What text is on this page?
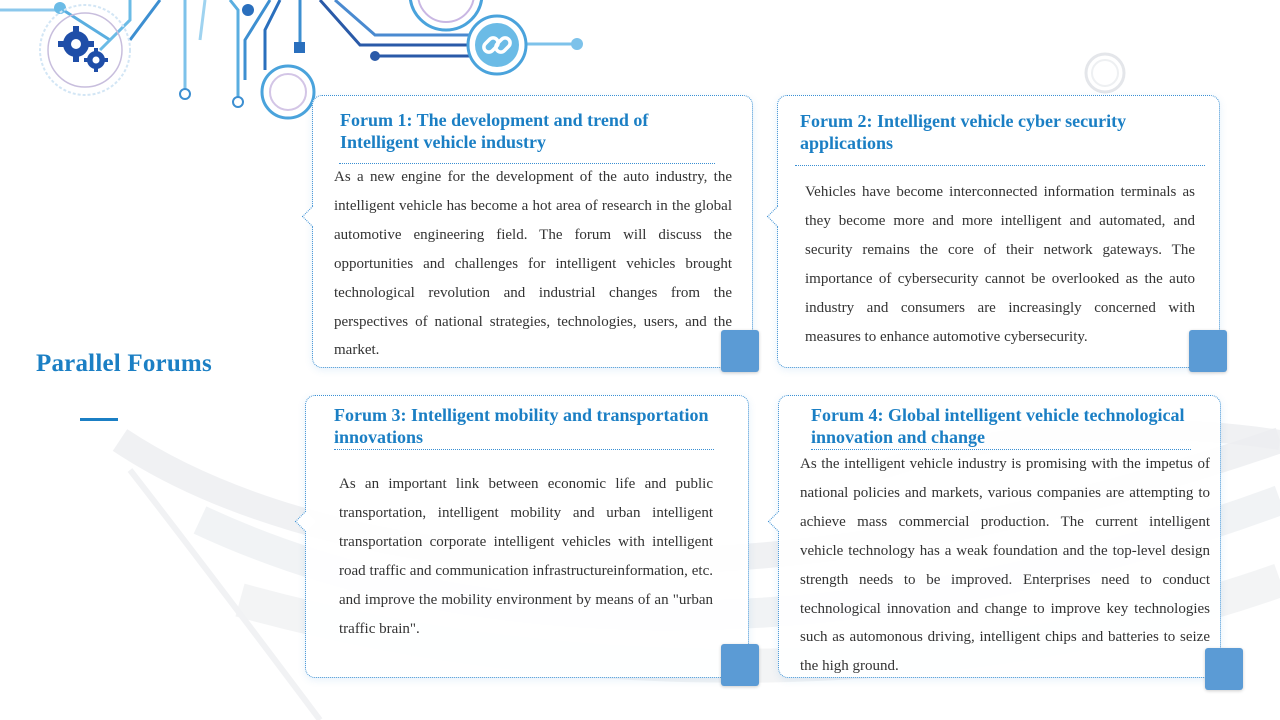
Parallel Forums
Forum 1: The development and trend of Intelligent vehicle industry
As a new engine for the development of the auto industry, the intelligent vehicle has become a hot area of research in the global automotive engineering field. The forum will discuss the opportunities and challenges for intelligent vehicles brought technological revolution and industrial changes from the perspectives of national strategies, technologies, users, and the market.
Forum 2: Intelligent vehicle cyber security applications
Vehicles have become interconnected information terminals as they become more and more intelligent and automated, and security remains the core of their network gateways. The importance of cybersecurity cannot be overlooked as the auto industry and consumers are increasingly concerned with measures to enhance automotive cybersecurity.
Forum 3: Intelligent mobility and transportation innovations
As an important link between economic life and public transportation, intelligent mobility and urban intelligent transportation corporate intelligent vehicles with intelligent road traffic and communication infrastructureinformation, etc. and improve the mobility environment by means of an "urban traffic brain".
Forum 4: Global intelligent vehicle technological innovation and change
As the intelligent vehicle industry is promising with the impetus of national policies and markets, various companies are attempting to achieve mass commercial production. The current intelligent vehicle technology has a weak foundation and the top-level design strength needs to be improved. Enterprises need to conduct technological innovation and change to improve key technologies such as automonous driving, intelligent chips and batteries to seize the high ground.
